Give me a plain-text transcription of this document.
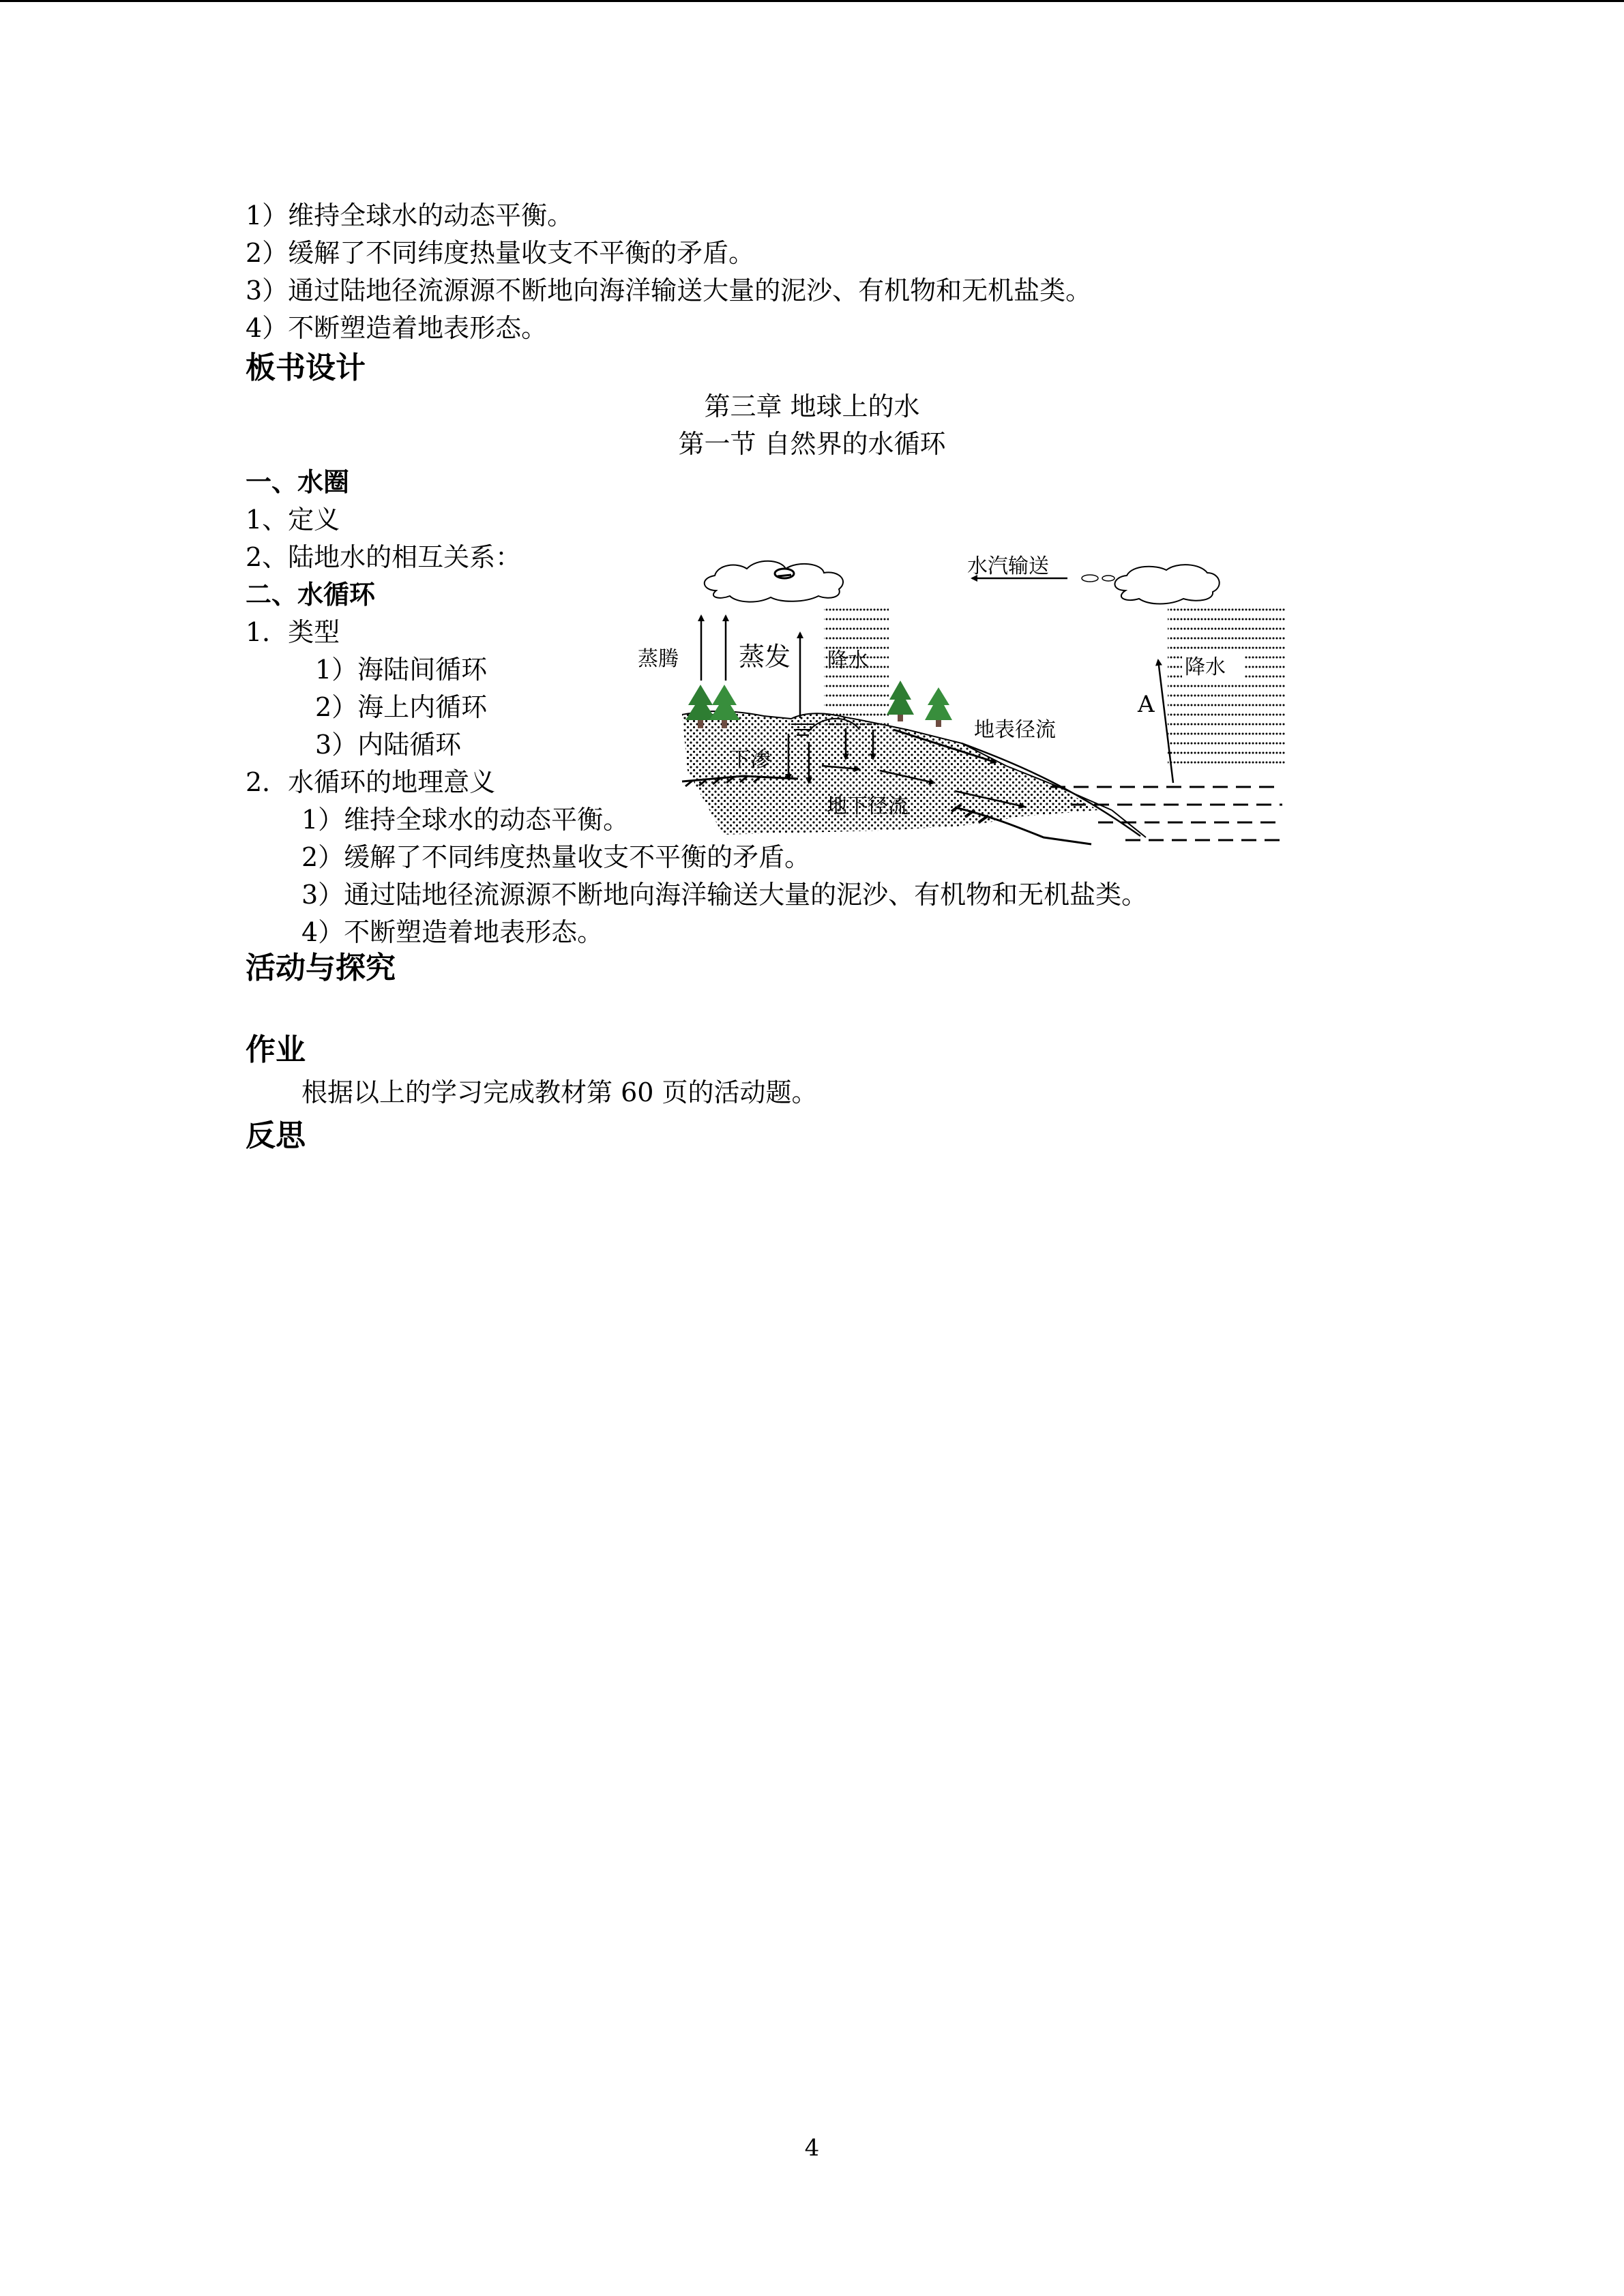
1）维持全球水的动态平衡。
2）缓解了不同纬度热量收支不平衡的矛盾。
3）通过陆地径流源源不断地向海洋输送大量的泥沙、有机物和无机盐类。
4）不断塑造着地表形态。
板书设计
第三章 地球上的水
第一节 自然界的水循环
一、水圈
1、定义
2、陆地水的相互关系：
二、水循环
1．类型
1）海陆间循环
2）海上内循环
3）内陆循环
2．水循环的地理意义
1）维持全球水的动态平衡。
2）缓解了不同纬度热量收支不平衡的矛盾。
3）通过陆地径流源源不断地向海洋输送大量的泥沙、有机物和无机盐类。
4）不断塑造着地表形态。
水汽输送
蒸腾 蒸发 降水	降水
A
地表径流
下渗
地下径流
活动与探究
作业
根据以上的学习完成教材第 60 页的活动题。
反思
4
